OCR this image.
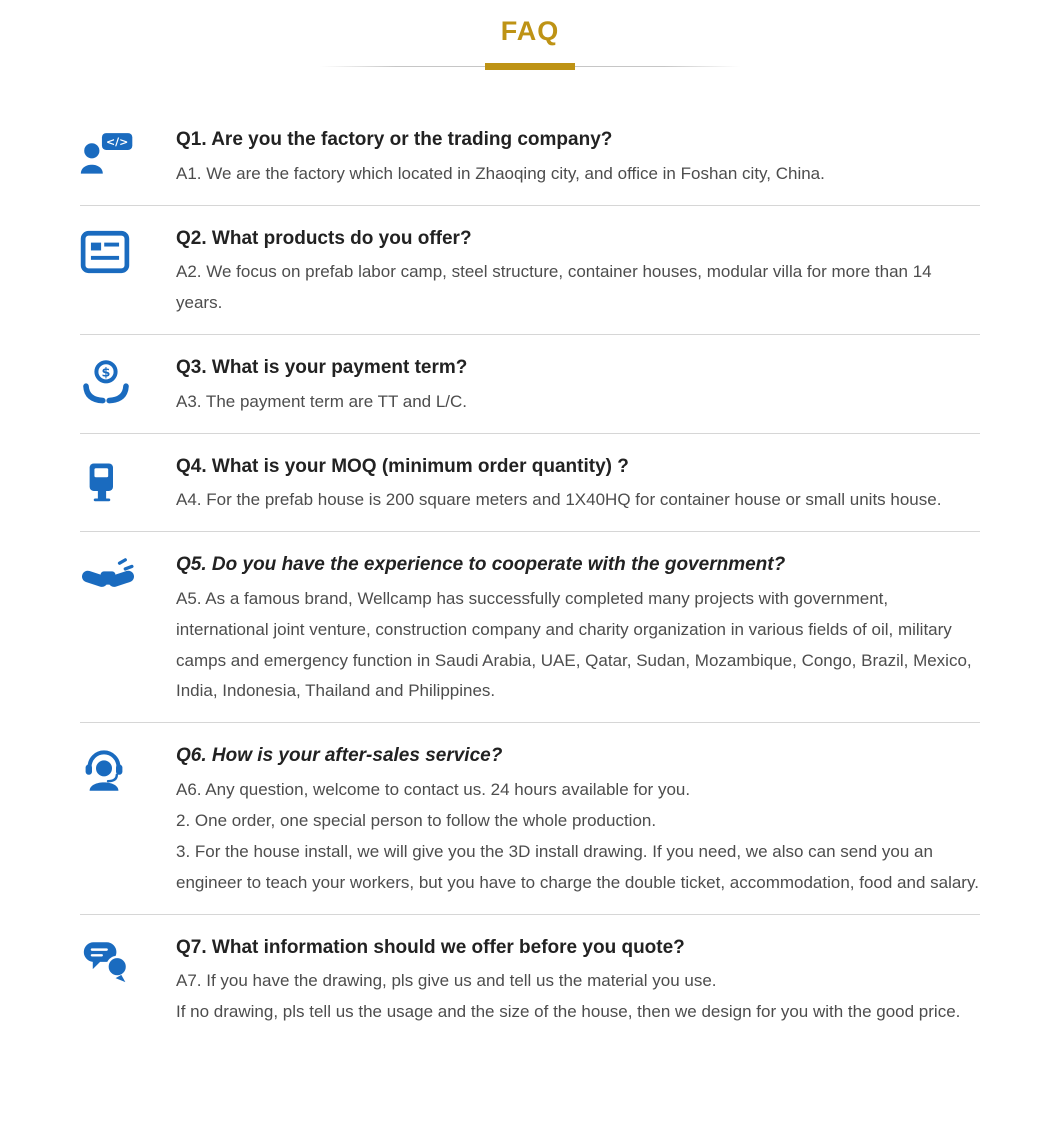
FAQ
</>	Q1. Are you the factory or the trading company?

A1. We are the factory which located in Zhaoqing city, and office in Foshan city, China.

Q2. What products do you offer?

A2. We focus on prefab labor camp, steel structure, container houses, modular villa for more than 14 years.

$	Q3. What is your payment term?

A3. The payment term are TT and L/C.

Q4. What is your MOQ (minimum order quantity) ?

A4. For the prefab house is 200 square meters and 1X40HQ for container house or small units house.

Q5. Do you have the experience to cooperate with the government?

A5. As a famous brand, Wellcamp has successfully completed many projects with government, international joint venture, construction company and charity organization in various fields of oil, military camps and emergency function in Saudi Arabia, UAE, Qatar, Sudan, Mozambique, Congo, Brazil, Mexico, India, Indonesia, Thailand and Philippines.

Q6. How is your after-sales service?

A6. Any question, welcome to contact us. 24 hours available for you.

2. One order, one special person to follow the whole production.

3. For the house install, we will give you the 3D install drawing. If you need, we also can send you an engineer to teach your workers, but you have to charge the double ticket, accommodation, food and salary.

Q7. What information should we offer before you quote?

A7. If you have the drawing, pls give us and tell us the material you use.

If no drawing, pls tell us the usage and the size of the house, then we design for you with the good price.
